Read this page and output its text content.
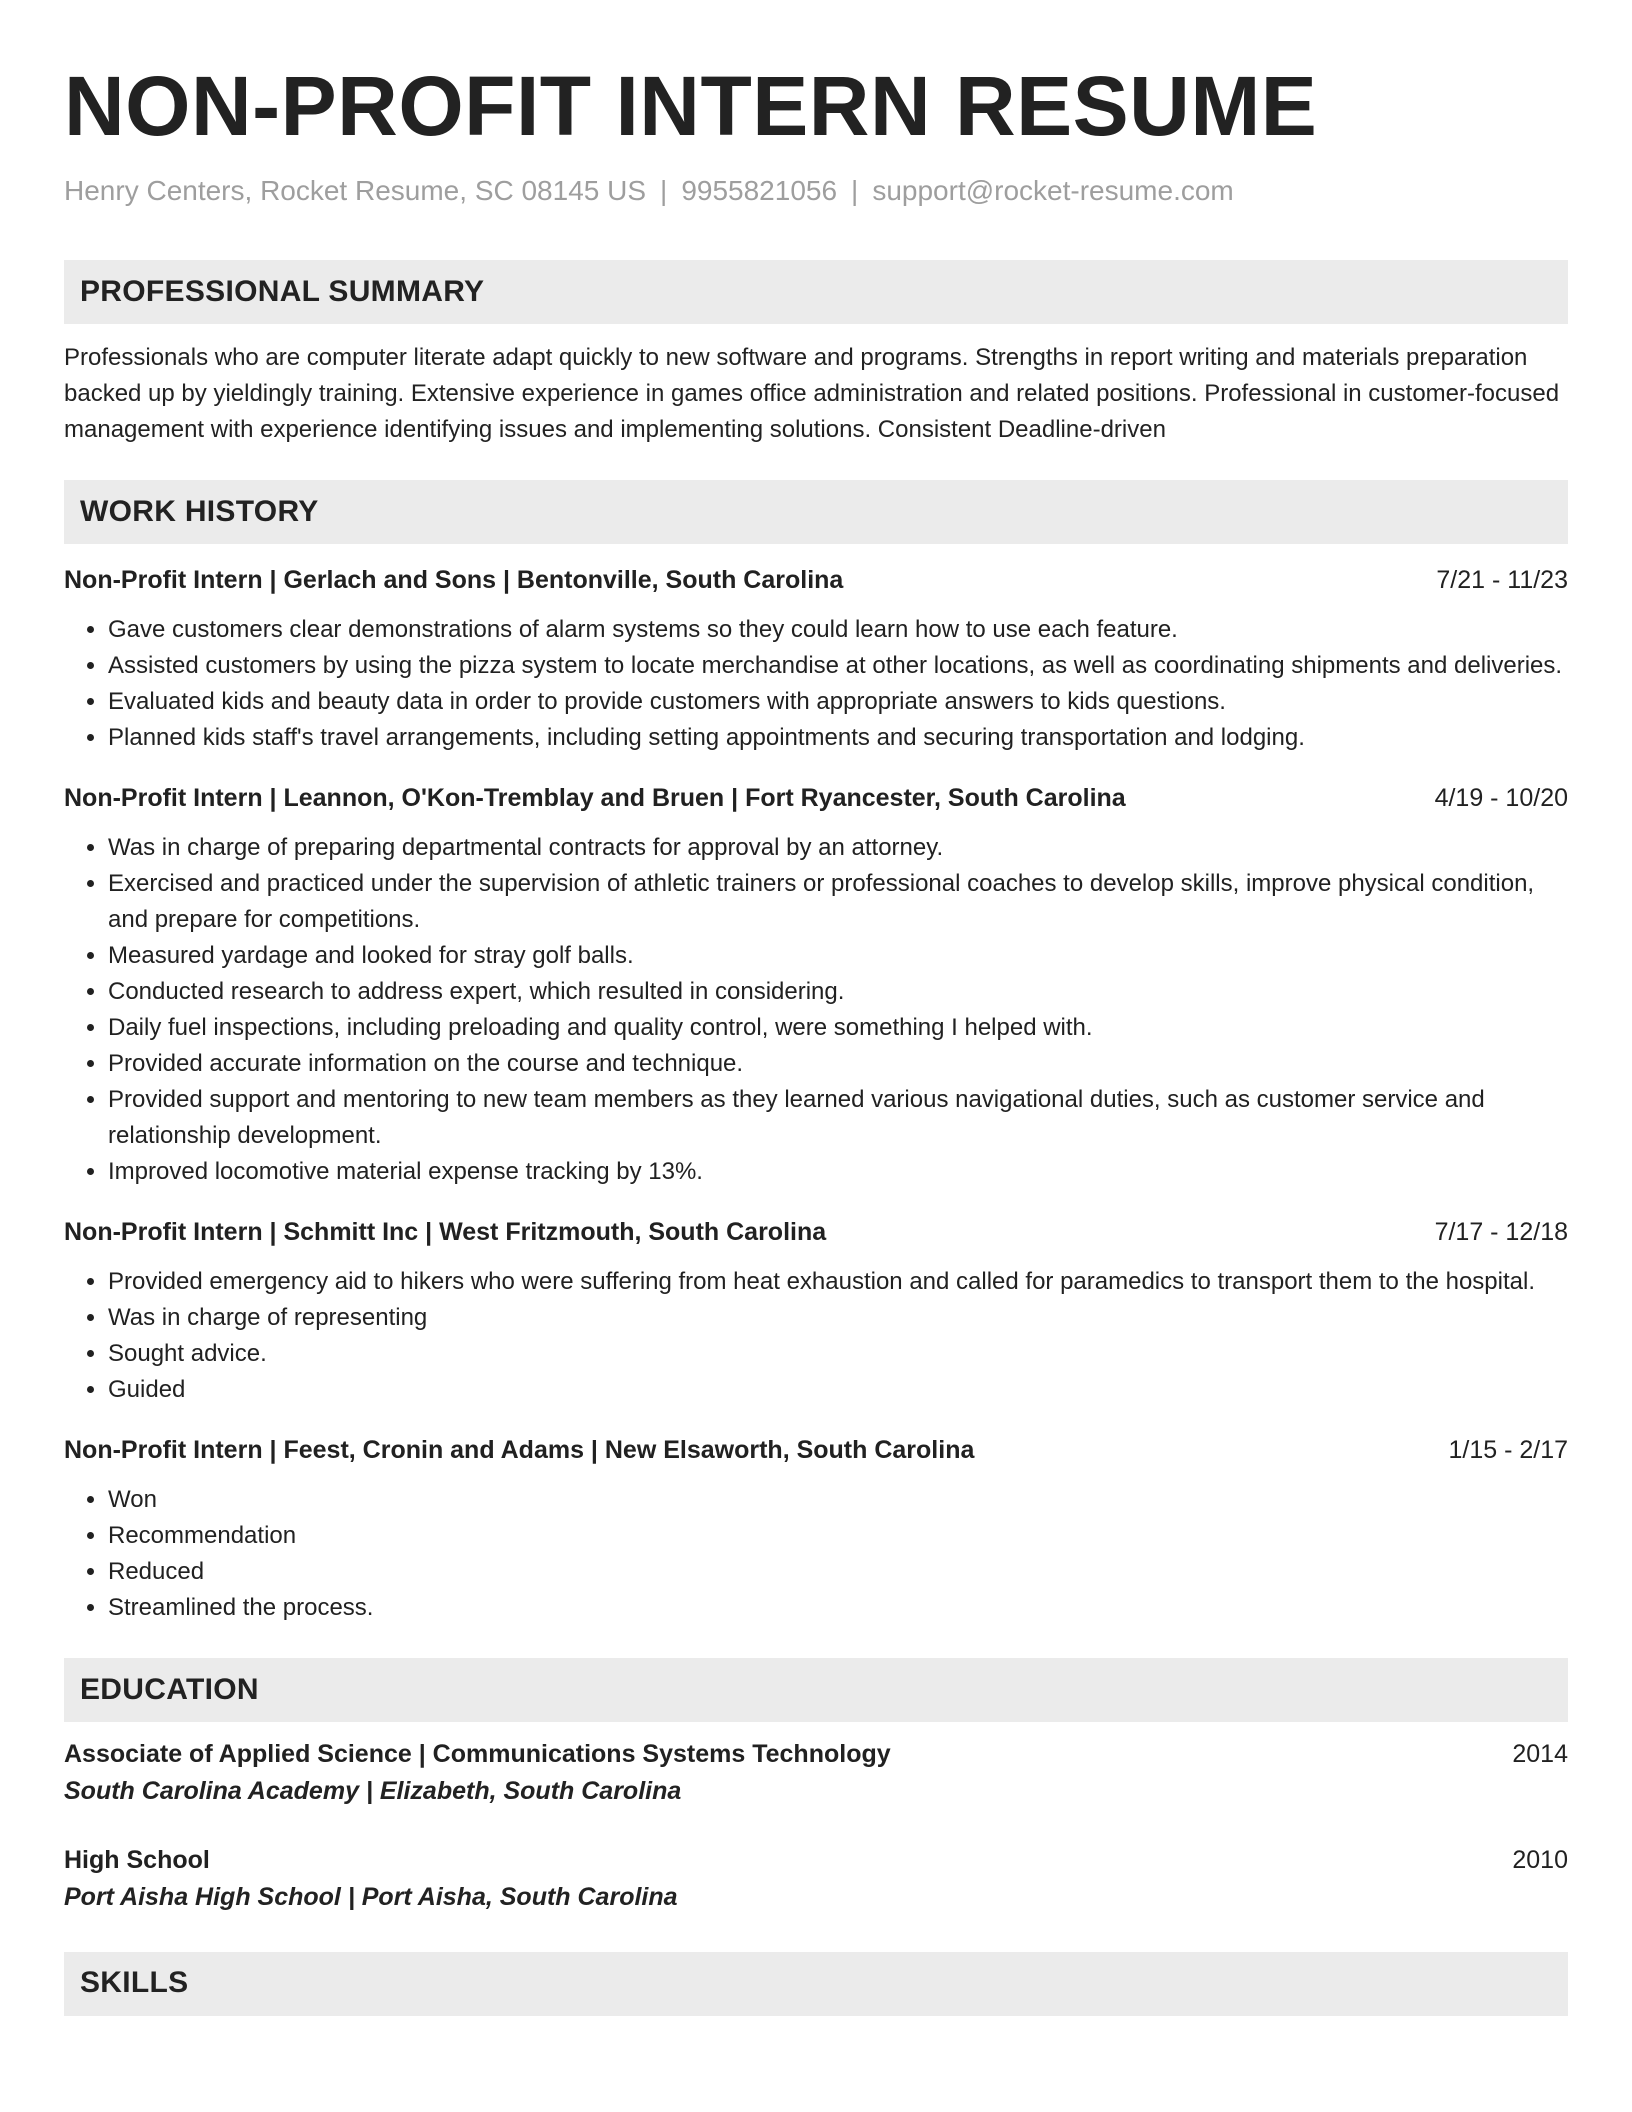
NON-PROFIT INTERN RESUME
Henry Centers, Rocket Resume, SC 08145 US | 9955821056 | support@rocket-resume.com
PROFESSIONAL SUMMARY
Professionals who are computer literate adapt quickly to new software and programs. Strengths in report writing and materials preparation backed up by yieldingly training. Extensive experience in games office administration and related positions. Professional in customer-focused management with experience identifying issues and implementing solutions. Consistent Deadline-driven
WORK HISTORY
Non-Profit Intern | Gerlach and Sons | Bentonville, South Carolina	7/21 - 11/23
• Gave customers clear demonstrations of alarm systems so they could learn how to use each feature.
• Assisted customers by using the pizza system to locate merchandise at other locations, as well as coordinating shipments and deliveries.
• Evaluated kids and beauty data in order to provide customers with appropriate answers to kids questions.
• Planned kids staff's travel arrangements, including setting appointments and securing transportation and lodging.
Non-Profit Intern | Leannon, O'Kon-Tremblay and Bruen | Fort Ryancester, South Carolina	4/19 - 10/20
• Was in charge of preparing departmental contracts for approval by an attorney.
• Exercised and practiced under the supervision of athletic trainers or professional coaches to develop skills, improve physical condition, and prepare for competitions.
• Measured yardage and looked for stray golf balls.
• Conducted research to address expert, which resulted in considering.
• Daily fuel inspections, including preloading and quality control, were something I helped with.
• Provided accurate information on the course and technique.
• Provided support and mentoring to new team members as they learned various navigational duties, such as customer service and relationship development.
• Improved locomotive material expense tracking by 13%.
Non-Profit Intern | Schmitt Inc | West Fritzmouth, South Carolina	7/17 - 12/18
• Provided emergency aid to hikers who were suffering from heat exhaustion and called for paramedics to transport them to the hospital.
• Was in charge of representing
• Sought advice.
• Guided
Non-Profit Intern | Feest, Cronin and Adams | New Elsaworth, South Carolina	1/15 - 2/17
• Won
• Recommendation
• Reduced
• Streamlined the process.
EDUCATION
Associate of Applied Science | Communications Systems Technology	2014
South Carolina Academy | Elizabeth, South Carolina
High School	2010
Port Aisha High School | Port Aisha, South Carolina
SKILLS
